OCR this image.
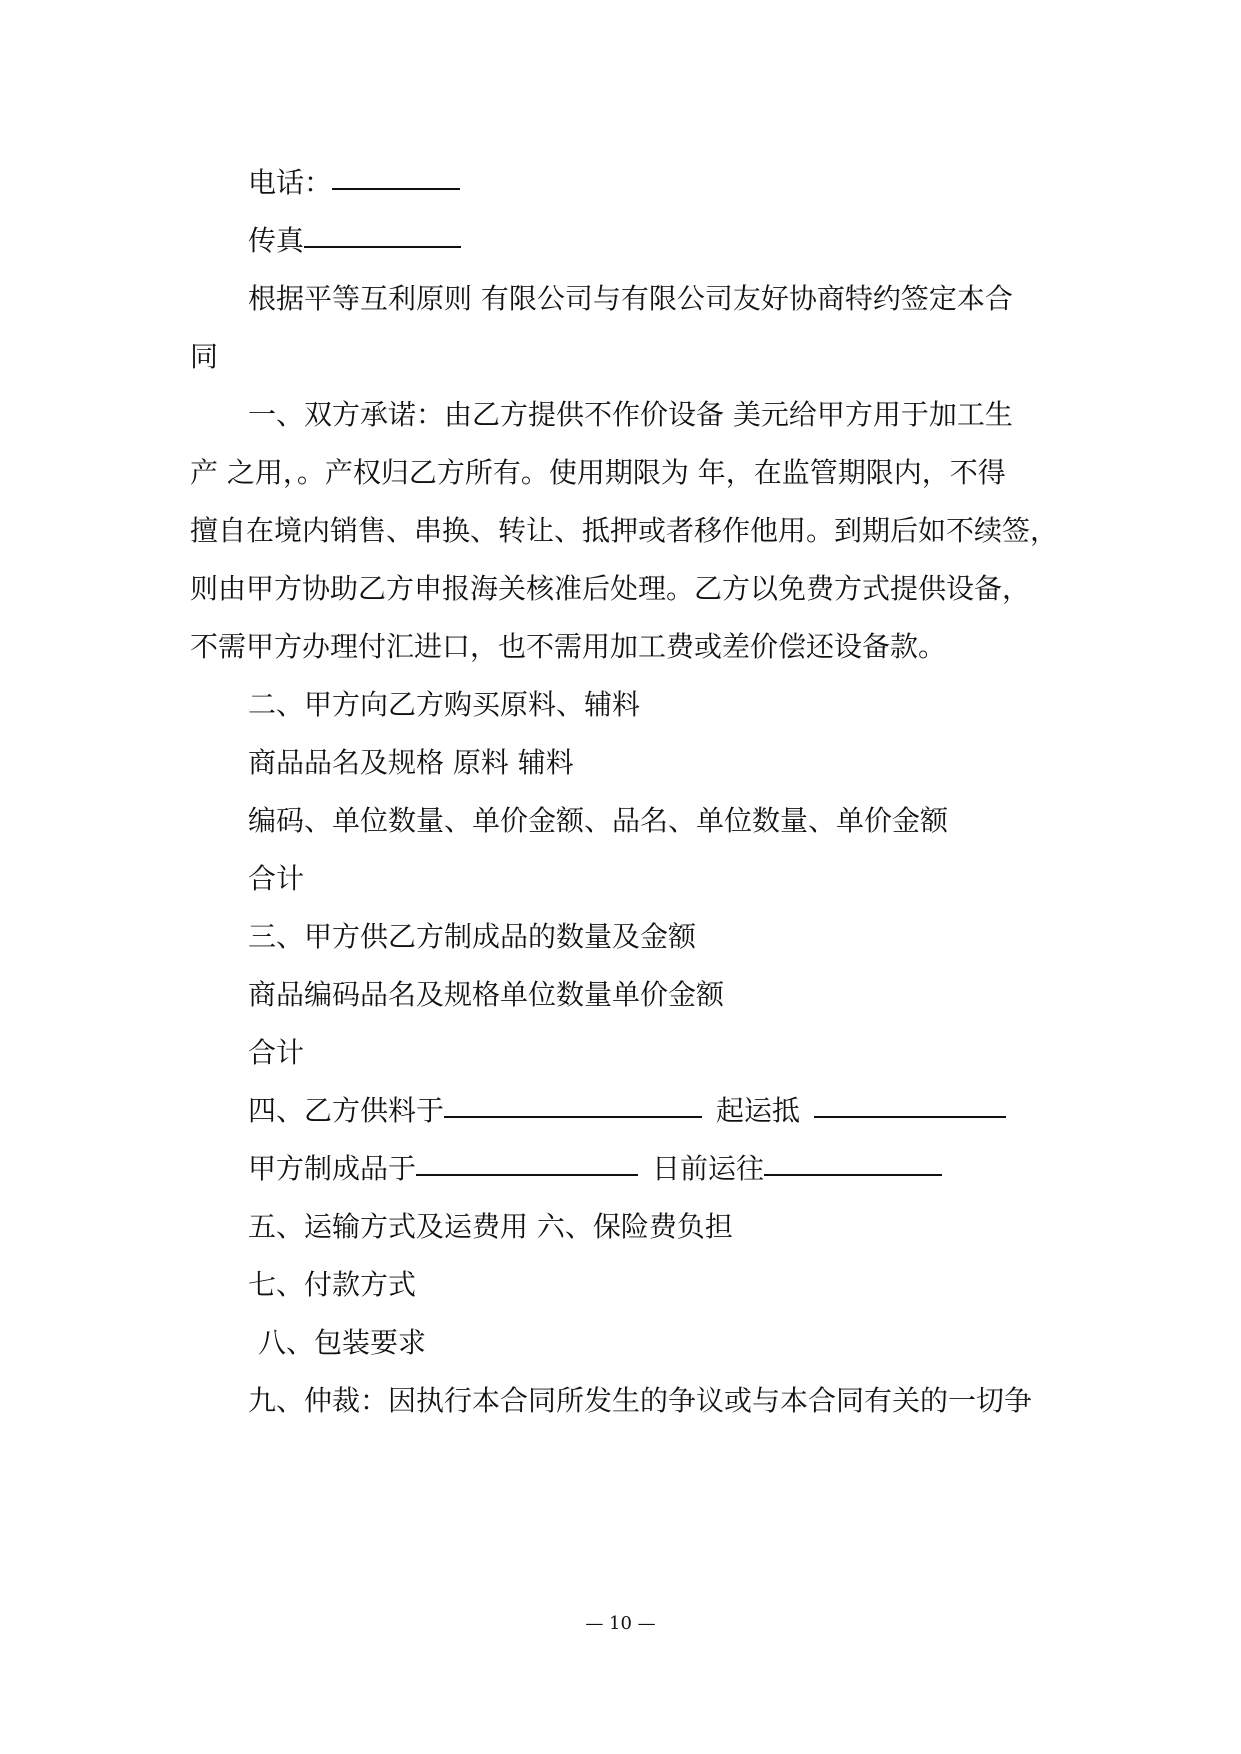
电话：
传真
根据平等互利原则 有限公司与有限公司友好协商特约签定本合
同
一、双方承诺：由乙方提供不作价设备 美元给甲方用于加工生
产 之用，。产权归乙方所有。使用期限为 年，在监管期限内，不得
擅自在境内销售、串换、转让、抵押或者移作他用。到期后如不续签，
则由甲方协助乙方申报海关核准后处理。乙方以免费方式提供设备，
不需甲方办理付汇进口，也不需用加工费或差价偿还设备款。
二、甲方向乙方购买原料、辅料
商品品名及规格 原料 辅料
编码、单位数量、单价金额、品名、单位数量、单价金额
合计
三、甲方供乙方制成品的数量及金额
商品编码品名及规格单位数量单价金额
合计
四、乙方供料于	起运抵
甲方制成品于	日前运往
五、运输方式及运费用 六、保险费负担
七、付款方式
八、包装要求
九、仲裁：因执行本合同所发生的争议或与本合同有关的一切争
— 10 —
